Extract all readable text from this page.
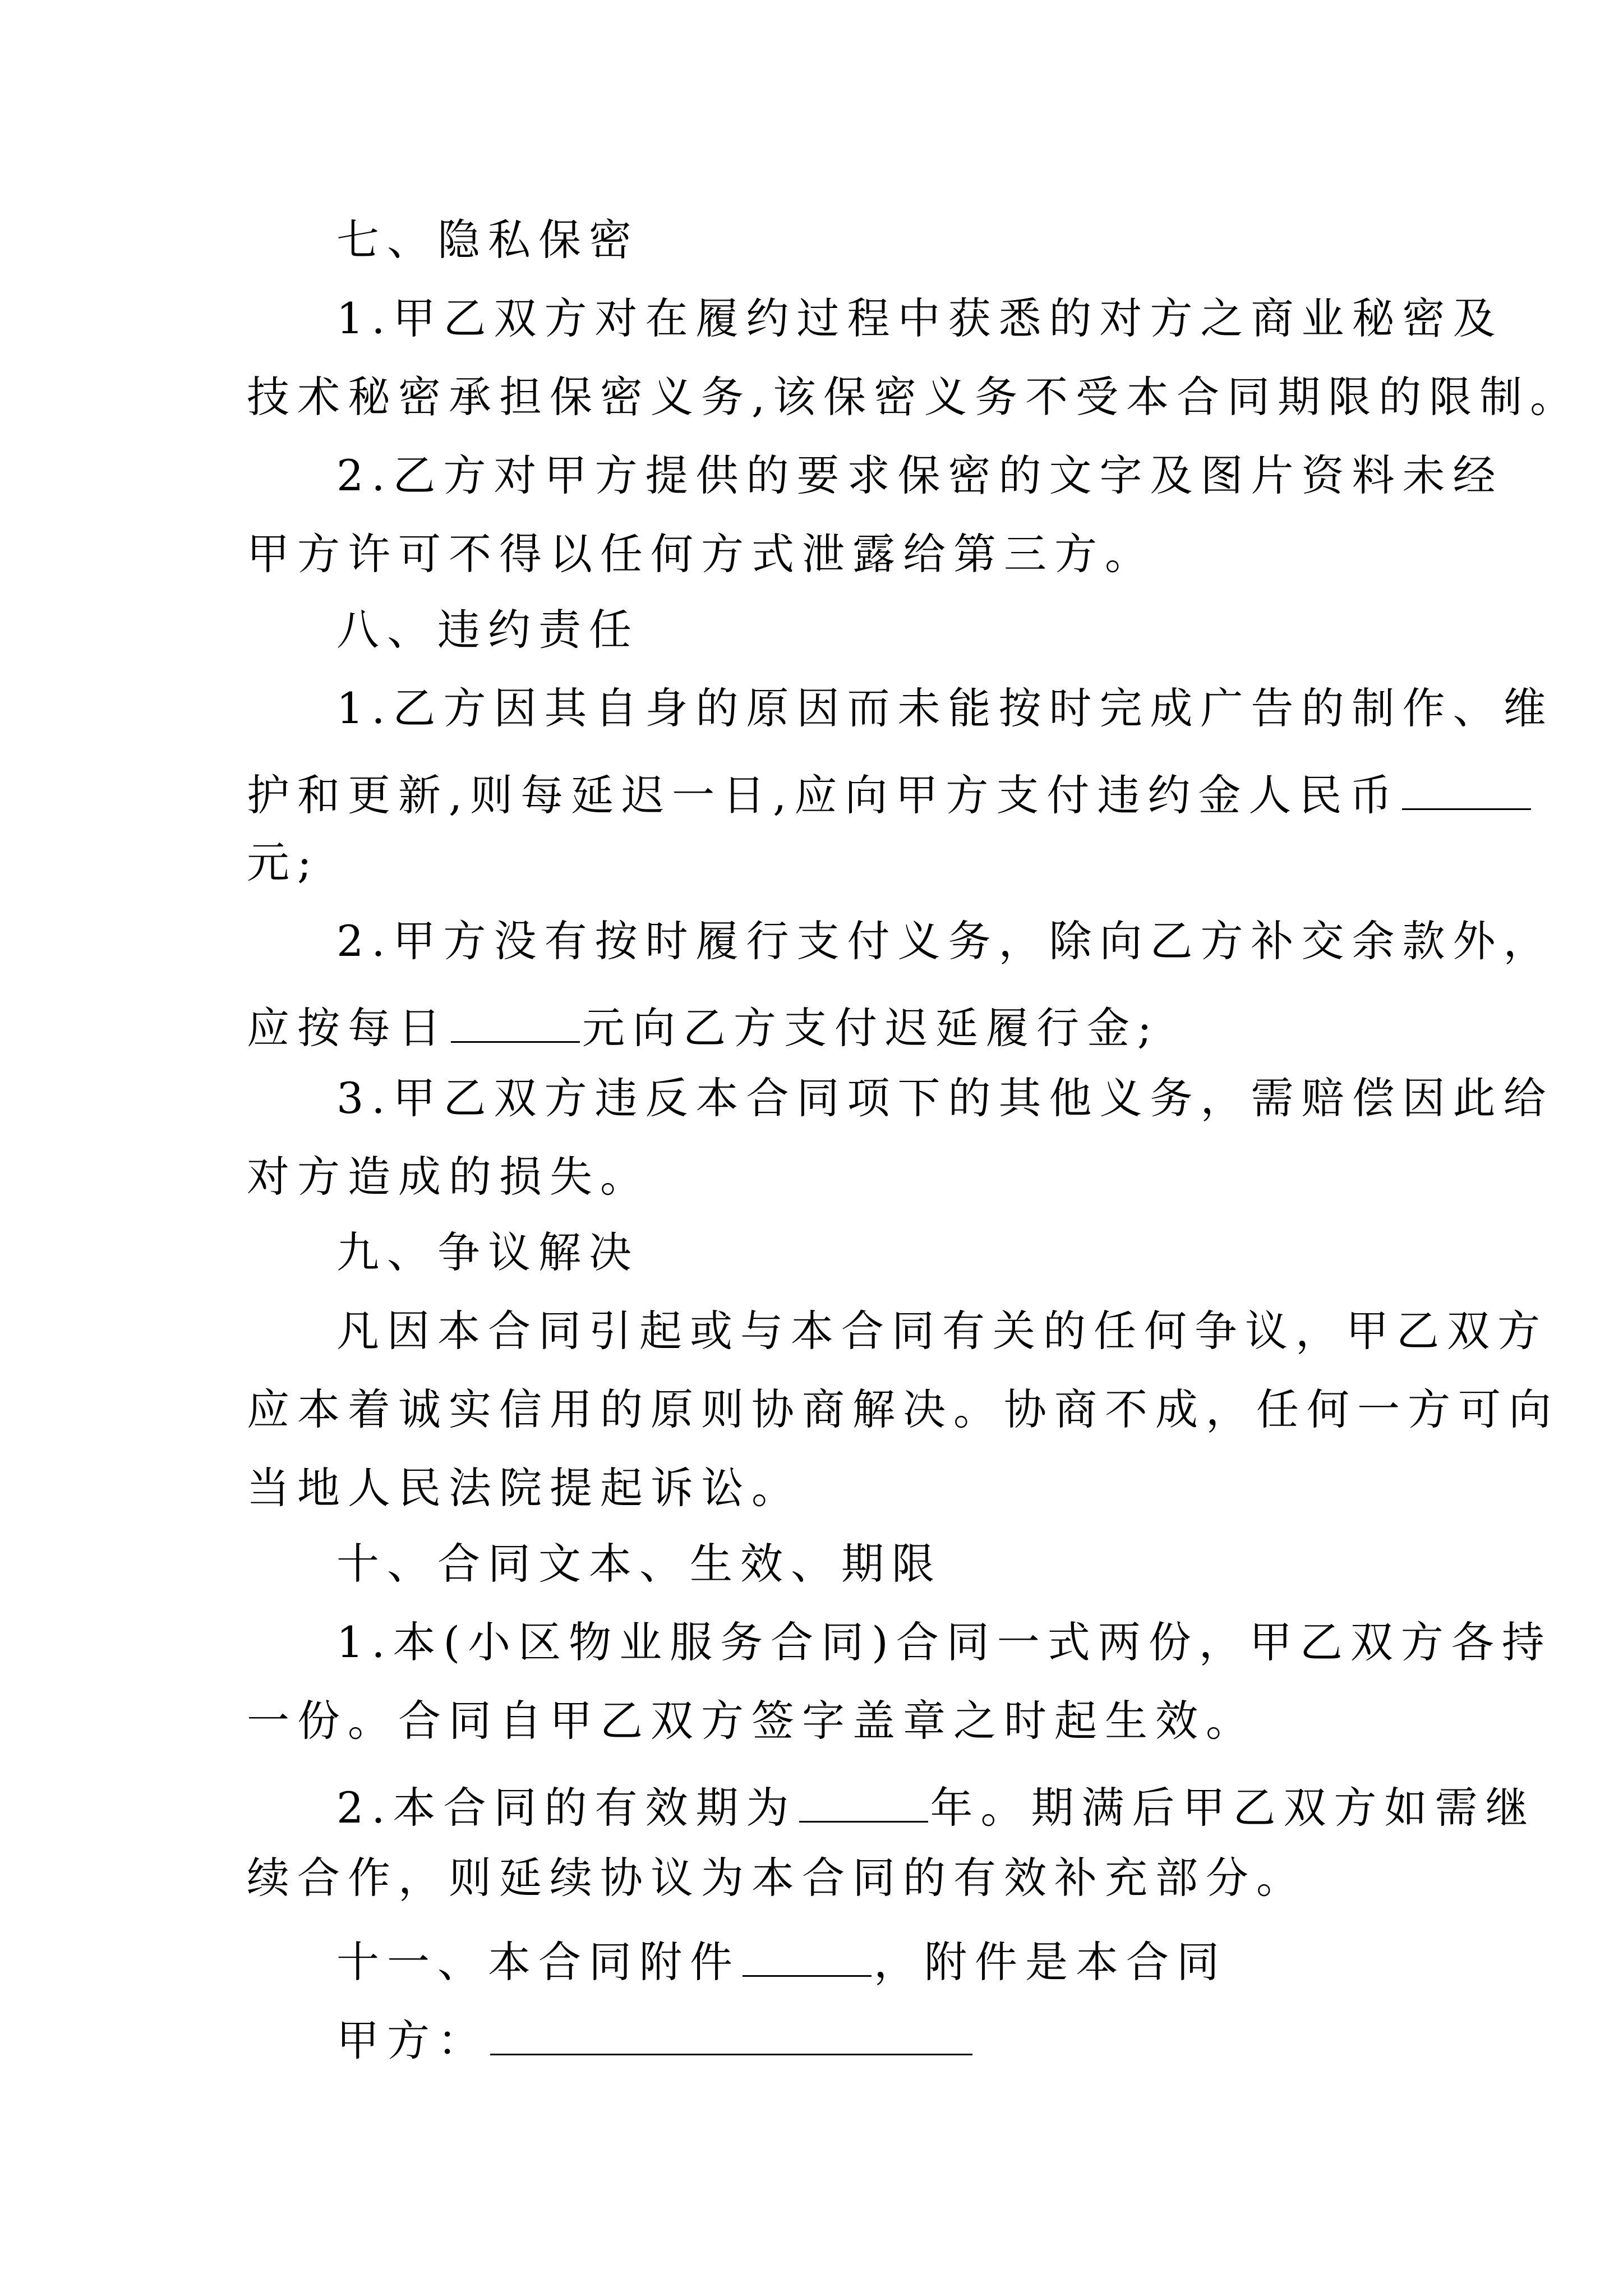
七、隐私保密
1.甲乙双方对在履约过程中获悉的对方之商业秘密及
技术秘密承担保密义务,该保密义务不受本合同期限的限制。
2.乙方对甲方提供的要求保密的文字及图片资料未经
甲方许可不得以任何方式泄露给第三方。
八、违约责任
1.乙方因其自身的原因而未能按时完成广告的制作、维
护和更新,则每延迟一日,应向甲方支付违约金人民币
元;
2.甲方没有按时履行支付义务，除向乙方补交余款外，
应按每日	元向乙方支付迟延履行金;
3.甲乙双方违反本合同项下的其他义务，需赔偿因此给
对方造成的损失。
九、争议解决
凡因本合同引起或与本合同有关的任何争议，甲乙双方
应本着诚实信用的原则协商解决。协商不成，任何一方可向
当地人民法院提起诉讼。
十、合同文本、生效、期限
1.本(小区物业服务合同)合同一式两份，甲乙双方各持
一份。合同自甲乙双方签字盖章之时起生效。
2.本合同的有效期为	年。期满后甲乙双方如需继
续合作，则延续协议为本合同的有效补充部分。
十一、本合同附件	，附件是本合同
甲方：
